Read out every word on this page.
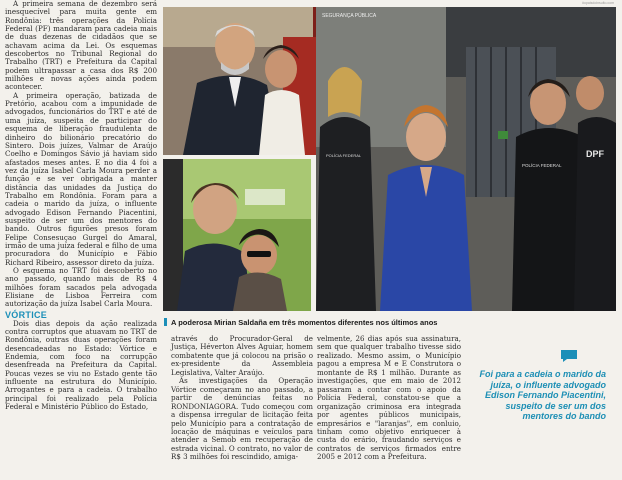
#opaisdoinsulto.com

A primeira semana de dezembro será inesquecível para muita gente em Rondônia: três operações da Polícia Federal (PF) mandaram para cadeia mais de duas dezenas de cidadãos que se achavam acima da Lei. Os esquemas descobertos no Tribunal Regional do Trabalho (TRT) e Prefeitura da Capital podem ultrapassar a casa dos R$ 200 milhões e novas ações ainda podem acontecer.

A primeira operação, batizada de Pretório, acabou com a impunidade de advogados, funcionários do TRT e até de uma juíza, suspeita de participar do esquema de liberação fraudulenta de dinheiro do bilionário precatório do Sintero. Dois juízes, Valmar de Araújo Coelho e Domingos Sávio já haviam sido afastados meses antes. E no dia 4 foi a vez da juíza Isabel Carla Moura perder a função e se ver obrigada a manter distância das unidades da Justiça do Trabalho em Rondônia. Foram para a cadeia o marido da juíza, o influente advogado Edison Fernando Piacentini, suspeito de ser um dos mentores do bando. Outros figurões presos foram Felipe Consesuçao Gurgel do Amaral, irmão de uma juíza federal e filho de uma procuradora do Município e Fábio Richard Ribeiro, assessor direto da juíza.

O esquema no TRT foi descoberto no ano passado, quando mais de R$ 4 milhões foram sacados pela advogada Elisiane de Lisboa Ferreira com autorização da juíza Isabel Carla Moura.

VÓRTICE

Dois dias depois da ação realizada contra corruptos que atuavam no TRT de Rondônia, outras duas operações foram desencadeadas no Estado: Vórtice e Endemia, com foco na corrupção desenfreada na Prefeitura da Capital. Poucas vezes se viu no Estado gente tão influente na estrutura do Município. Arrogantes e para a cadeia. O trabalho principal foi realizado pela Polícia Federal e Ministério Público do Estado,

SEGURANÇA PÚBLICA
POLÍCIA FEDERAL
POLÍCIA FEDERAL
DPF
A poderosa Mirian Saldaña em três momentos diferentes nos últimos anos

através do Procurador-Geral de Justiça, Héverton Alves Aguiar, homem combatente que já colocou na prisão o ex-presidente da Assembleia Legislativa, Valter Araújo.

As investigações da Operação Vórtice começaram no ano passado, a partir de denúncias feitas no RONDONIAGORA. Tudo começou com a dispensa irregular de licitação feita pelo Município para a contratação de locação de máquinas e veículos para atender a Semob em recuperação de estrada vicinal. O contrato, no valor de R$ 3 milhões foi rescindido, amiga-

velmente, 26 dias após sua assinatura, sem que qualquer trabalho tivesse sido realizado. Mesmo assim, o Município pagou a empresa M e E Construtora o montante de R$ 1 milhão. Durante as investigações, que em maio de 2012 passaram a contar com o apoio da Polícia Federal, constatou-se que a organização criminosa era integrada por agentes públicos municipais, empresários e "laranjas", em conluio, tinham como objetivo enriquecer à custa do erário, fraudando serviços e contratos de serviços firmados entre 2005 e 2012 com a Prefeitura.

Foi para a cadeia o marido da juíza, o influente advogado Edison Fernando Piacentini, suspeito de ser um dos mentores do bando
